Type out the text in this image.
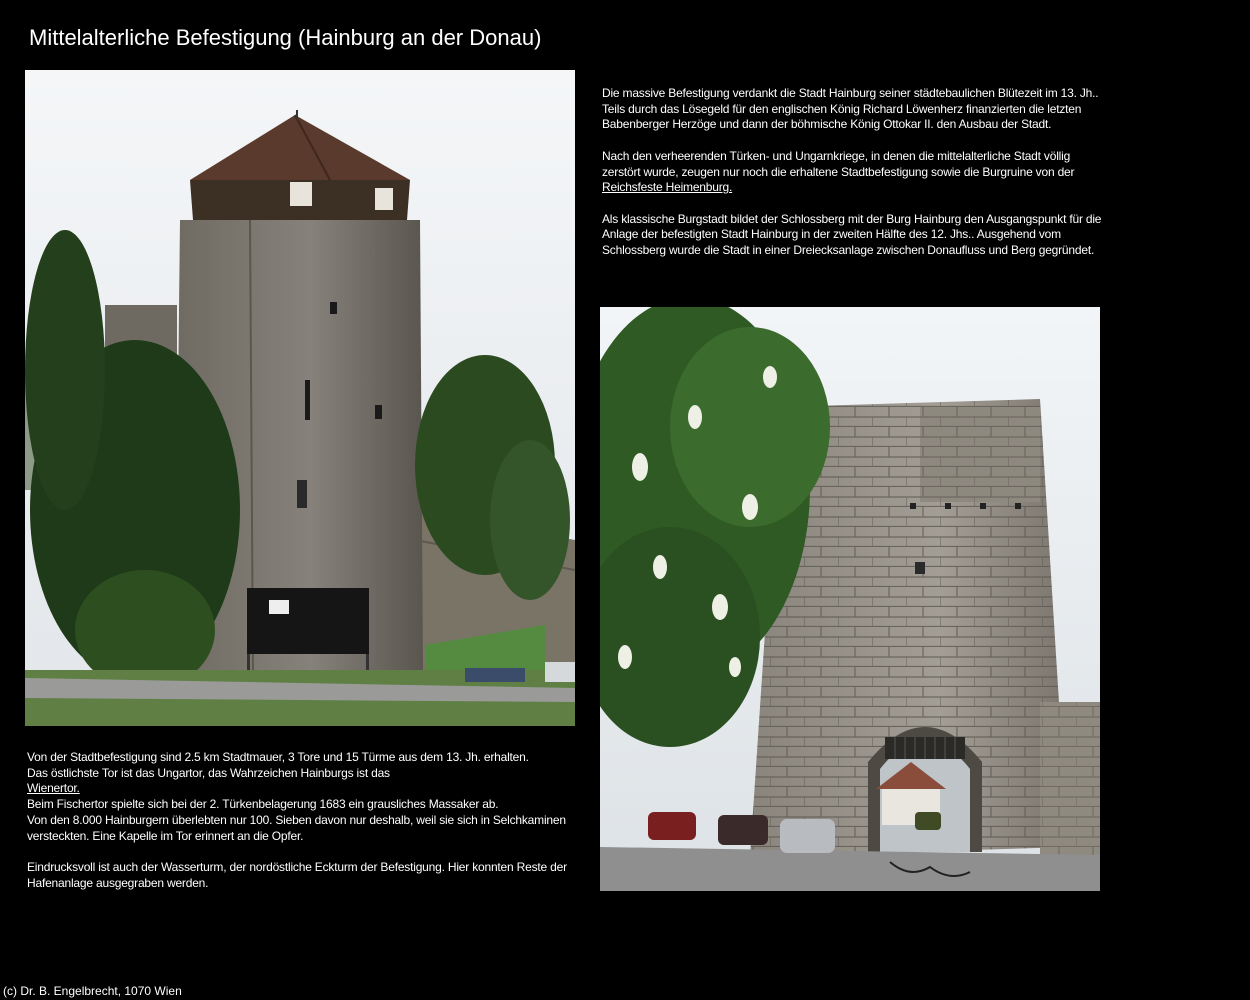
Mittelalterliche Befestigung (Hainburg an der Donau)

Die massive Befestigung verdankt die Stadt Hainburg seiner städtebaulichen Blütezeit im 13. Jh.. Teils durch das Lösegeld für den englischen König Richard Löwenherz finanzierten die letzten Babenberger Herzöge und dann der böhmische König Ottokar II. den Ausbau der Stadt.

Nach den verheerenden Türken- und Ungarnkriege, in denen die mittelalterliche Stadt völlig zerstört wurde, zeugen nur noch die erhaltene Stadtbefestigung sowie die Burgruine von der Reichsfeste Heimenburg.

Als klassische Burgstadt bildet der Schlossberg mit der Burg Hainburg den Ausgangspunkt für die Anlage der befestigten Stadt Hainburg in der zweiten Hälfte des 12. Jhs.. Ausgehend vom Schlossberg wurde die Stadt in einer Dreiecksanlage zwischen Donaufluss und Berg gegründet.

Von der Stadtbefestigung sind 2.5 km Stadtmauer, 3 Tore und 15 Türme aus dem 13. Jh. erhalten.
Das östlichste Tor ist das Ungartor, das Wahrzeichen Hainburgs ist das
Wienertor.
Beim Fischertor spielte sich bei der 2. Türkenbelagerung 1683 ein grausliches Massaker ab.
Von den 8.000 Hainburgern überlebten nur 100. Sieben davon nur deshalb, weil sie sich in Selchkaminen versteckten. Eine Kapelle im Tor erinnert an die Opfer.

Eindrucksvoll ist auch der Wasserturm, der nordöstliche Eckturm der Befestigung. Hier konnten Reste der Hafenanlage ausgegraben werden.

(c) Dr. B. Engelbrecht, 1070 Wien
